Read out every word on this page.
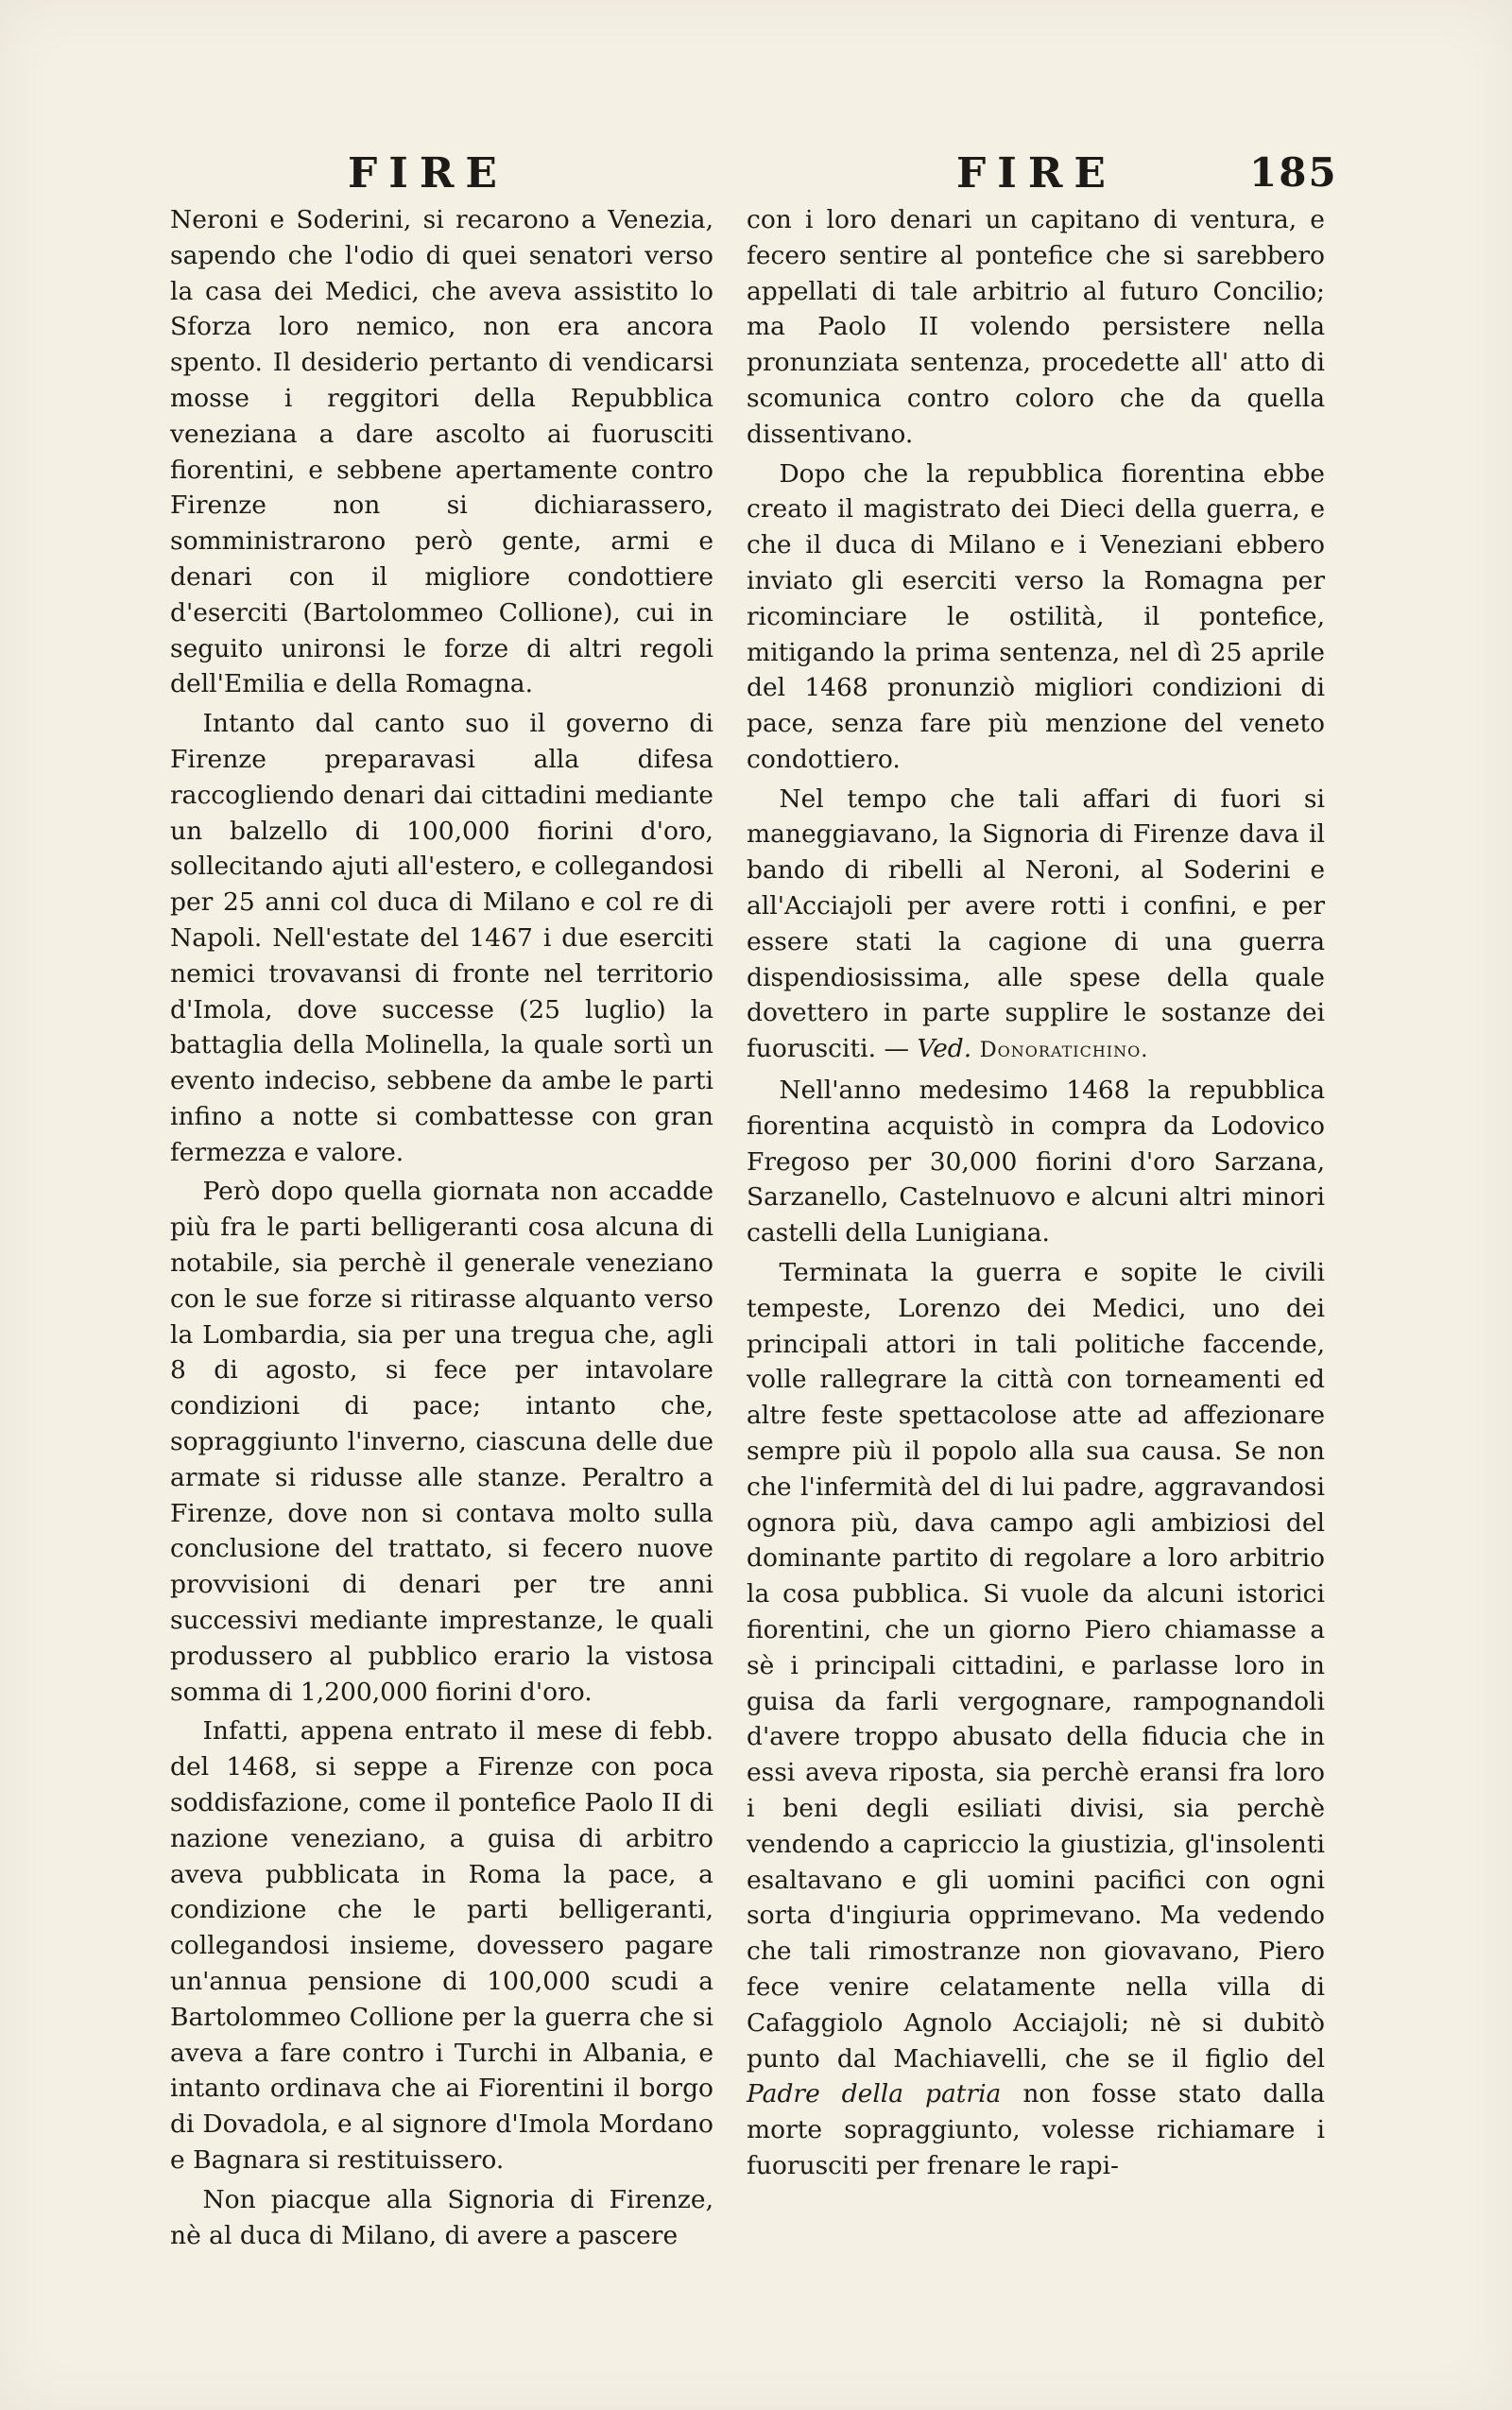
FIRE	FIRE	185

Neroni e Soderini, si recarono a Venezia, sapendo che l'odio di quei senatori verso la casa dei Medici, che aveva assistito lo Sforza loro nemico, non era ancora spento. Il desiderio pertanto di vendicarsi mosse i reggitori della Repubblica veneziana a dare ascolto ai fuorusciti fiorentini, e sebbene apertamente contro Firenze non si dichiarassero, somministrarono però gente, armi e denari con il migliore condottiere d'eserciti (Bartolommeo Collione), cui in seguito unironsi le forze di altri regoli dell'Emilia e della Romagna.

Intanto dal canto suo il governo di Firenze preparavasi alla difesa raccogliendo denari dai cittadini mediante un balzello di 100,000 fiorini d'oro, sollecitando ajuti all'estero, e collegandosi per 25 anni col duca di Milano e col re di Napoli. Nell'estate del 1467 i due eserciti nemici trovavansi di fronte nel territorio d'Imola, dove successe (25 luglio) la battaglia della Molinella, la quale sortì un evento indeciso, sebbene da ambe le parti infino a notte si combattesse con gran fermezza e valore.

Però dopo quella giornata non accadde più fra le parti belligeranti cosa alcuna di notabile, sia perchè il generale veneziano con le sue forze si ritirasse alquanto verso la Lombardia, sia per una tregua che, agli 8 di agosto, si fece per intavolare condizioni di pace; intanto che, sopraggiunto l'inverno, ciascuna delle due armate si ridusse alle stanze. Peraltro a Firenze, dove non si contava molto sulla conclusione del trattato, si fecero nuove provvisioni di denari per tre anni successivi mediante imprestanze, le quali produssero al pubblico erario la vistosa somma di 1,200,000 fiorini d'oro.

Infatti, appena entrato il mese di febb. del 1468, si seppe a Firenze con poca soddisfazione, come il pontefice Paolo II di nazione veneziano, a guisa di arbitro aveva pubblicata in Roma la pace, a condizione che le parti belligeranti, collegandosi insieme, dovessero pagare un'annua pensione di 100,000 scudi a Bartolommeo Collione per la guerra che si aveva a fare contro i Turchi in Albania, e intanto ordinava che ai Fiorentini il borgo di Dovadola, e al signore d'Imola Mordano e Bagnara si restituissero.

Non piacque alla Signoria di Firenze, nè al duca di Milano, di avere a pascere

con i loro denari un capitano di ventura, e fecero sentire al pontefice che si sarebbero appellati di tale arbitrio al futuro Concilio; ma Paolo II volendo persistere nella pronunziata sentenza, procedette all' atto di scomunica contro coloro che da quella dissentivano.

Dopo che la repubblica fiorentina ebbe creato il magistrato dei Dieci della guerra, e che il duca di Milano e i Veneziani ebbero inviato gli eserciti verso la Romagna per ricominciare le ostilità, il pontefice, mitigando la prima sentenza, nel dì 25 aprile del 1468 pronunziò migliori condizioni di pace, senza fare più menzione del veneto condottiero.

Nel tempo che tali affari di fuori si maneggiavano, la Signoria di Firenze dava il bando di ribelli al Neroni, al Soderini e all'Acciajoli per avere rotti i confini, e per essere stati la cagione di una guerra dispendiosissima, alle spese della quale dovettero in parte supplire le sostanze dei fuorusciti. — Ved. Donoratichino.

Nell'anno medesimo 1468 la repubblica fiorentina acquistò in compra da Lodovico Fregoso per 30,000 fiorini d'oro Sarzana, Sarzanello, Castelnuovo e alcuni altri minori castelli della Lunigiana.

Terminata la guerra e sopite le civili tempeste, Lorenzo dei Medici, uno dei principali attori in tali politiche faccende, volle rallegrare la città con torneamenti ed altre feste spettacolose atte ad affezionare sempre più il popolo alla sua causa. Se non che l'infermità del di lui padre, aggravandosi ognora più, dava campo agli ambiziosi del dominante partito di regolare a loro arbitrio la cosa pubblica. Si vuole da alcuni istorici fiorentini, che un giorno Piero chiamasse a sè i principali cittadini, e parlasse loro in guisa da farli vergognare, rampognandoli d'avere troppo abusato della fiducia che in essi aveva riposta, sia perchè eransi fra loro i beni degli esiliati divisi, sia perchè vendendo a capriccio la giustizia, gl'insolenti esaltavano e gli uomini pacifici con ogni sorta d'ingiuria opprimevano. Ma vedendo che tali rimostranze non giovavano, Piero fece venire celatamente nella villa di Cafaggiolo Agnolo Acciajoli; nè si dubitò punto dal Machiavelli, che se il figlio del Padre della patria non fosse stato dalla morte sopraggiunto, volesse richiamare i fuorusciti per frenare le rapi-
